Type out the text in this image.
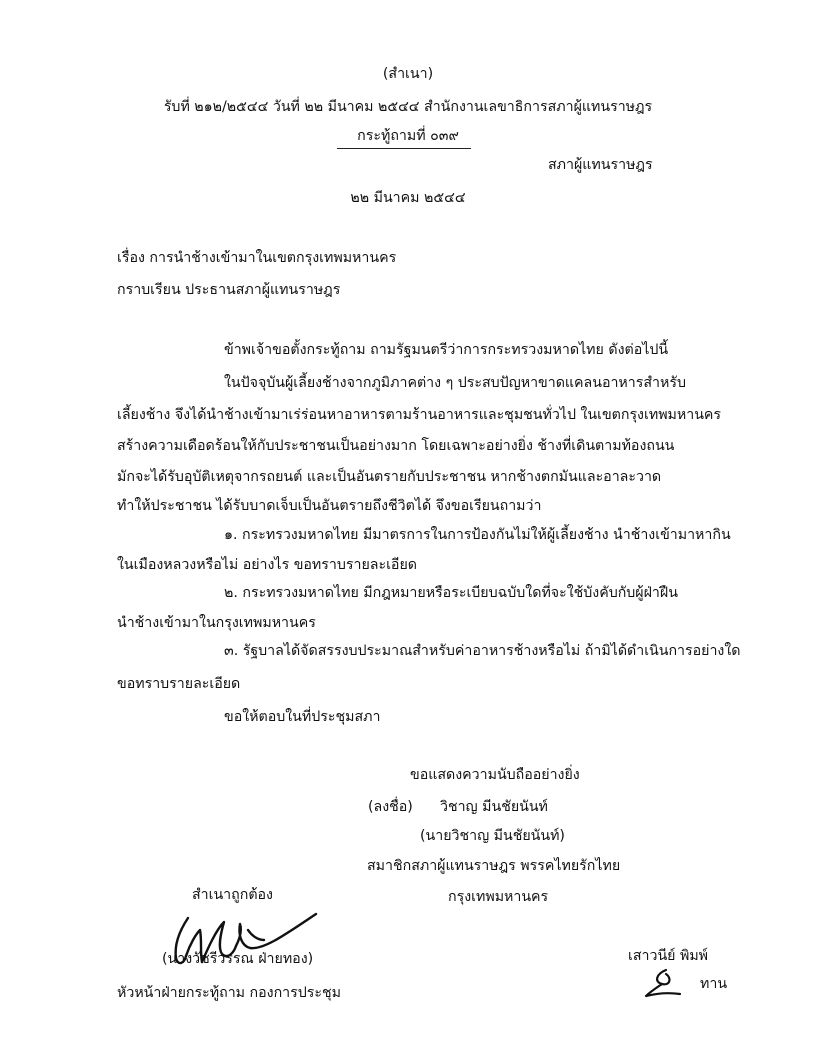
(สำเนา)
รับที่ ๒๑๒/๒๕๔๔ วันที่ ๒๒ มีนาคม ๒๕๔๔ สำนักงานเลขาธิการสภาผู้แทนราษฎร
กระทู้ถามที่ ๐๓๙
สภาผู้แทนราษฎร
๒๒ มีนาคม ๒๕๔๔
เรื่อง การนำช้างเข้ามาในเขตกรุงเทพมหานคร
กราบเรียน ประธานสภาผู้แทนราษฎร
ข้าพเจ้าขอตั้งกระทู้ถาม ถามรัฐมนตรีว่าการกระทรวงมหาดไทย ดังต่อไปนี้
ในปัจจุบันผู้เลี้ยงช้างจากภูมิภาคต่าง ๆ ประสบปัญหาขาดแคลนอาหารสำหรับ
เลี้ยงช้าง จึงได้นำช้างเข้ามาเร่ร่อนหาอาหารตามร้านอาหารและชุมชนทั่วไป ในเขตกรุงเทพมหานคร
สร้างความเดือดร้อนให้กับประชาชนเป็นอย่างมาก โดยเฉพาะอย่างยิ่ง ช้างที่เดินตามท้องถนน
มักจะได้รับอุบัติเหตุจากรถยนต์ และเป็นอันตรายกับประชาชน หากช้างตกมันและอาละวาด
ทำให้ประชาชน ได้รับบาดเจ็บเป็นอันตรายถึงชีวิตได้ จึงขอเรียนถามว่า
๑. กระทรวงมหาดไทย มีมาตรการในการป้องกันไม่ให้ผู้เลี้ยงช้าง นำช้างเข้ามาหากิน
ในเมืองหลวงหรือไม่ อย่างไร ขอทราบรายละเอียด
๒. กระทรวงมหาดไทย มีกฎหมายหรือระเบียบฉบับใดที่จะใช้บังคับกับผู้ฝ่าฝืน
นำช้างเข้ามาในกรุงเทพมหานคร
๓. รัฐบาลได้จัดสรรงบประมาณสำหรับค่าอาหารช้างหรือไม่ ถ้ามิได้ดำเนินการอย่างใด
ขอทราบรายละเอียด
ขอให้ตอบในที่ประชุมสภา
ขอแสดงความนับถืออย่างยิ่ง
(ลงชื่อ) วิชาญ มีนชัยนันท์
(นายวิชาญ มีนชัยนันท์)
สมาชิกสภาผู้แทนราษฎร พรรคไทยรักไทย
กรุงเทพมหานคร
สำเนาถูกต้อง
(นางวัชรีวรรณ ฝ่ายทอง)
หัวหน้าฝ่ายกระทู้ถาม กองการประชุม
เสาวนีย์ พิมพ์
ทาน
